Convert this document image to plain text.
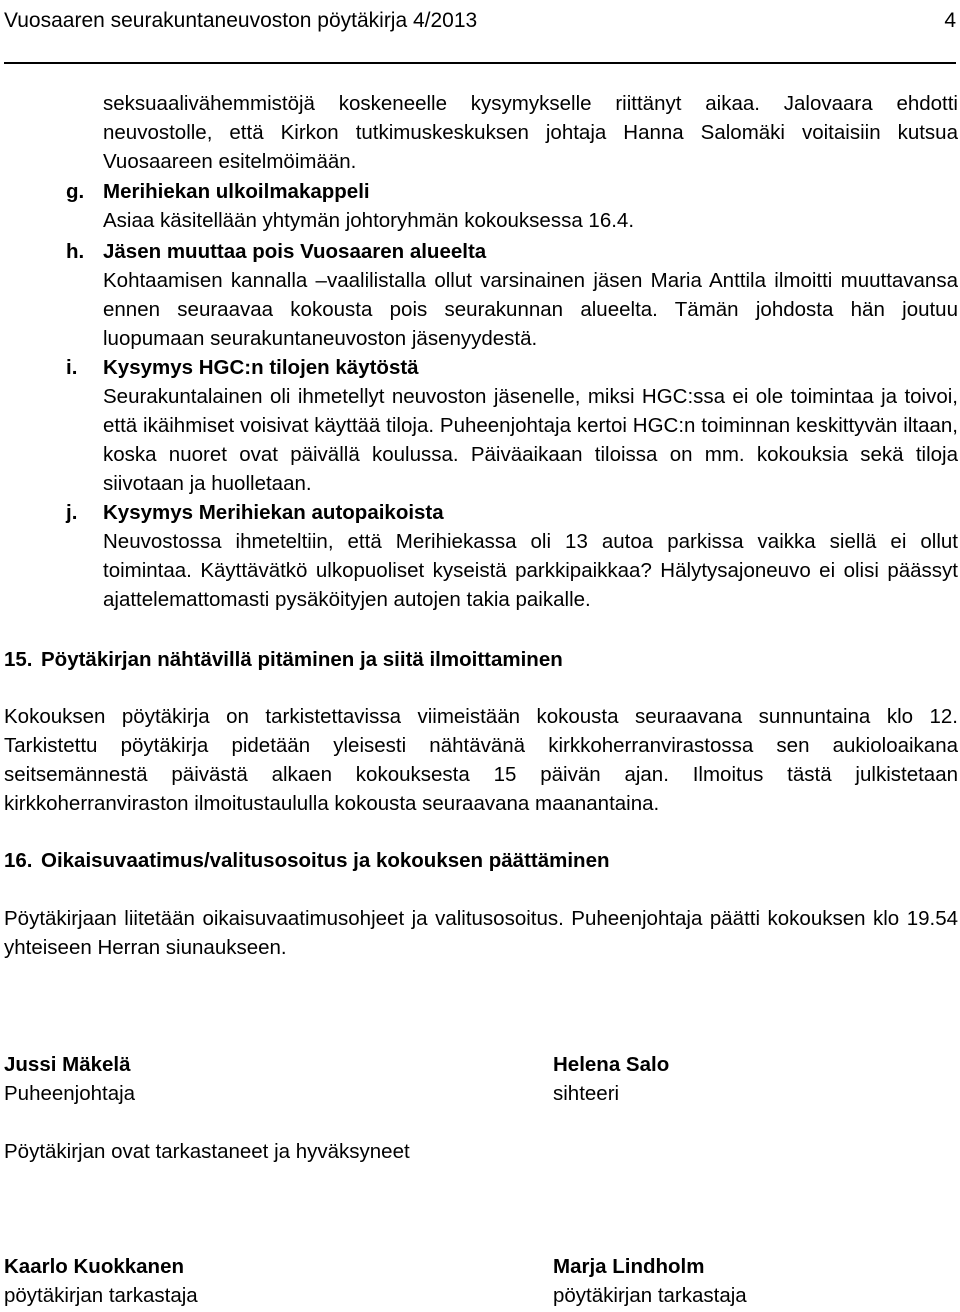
Vuosaaren seurakuntaneuvoston pöytäkirja 4/2013	4
seksuaalivähemmistöjä koskeneelle kysymykselle riittänyt aikaa. Jalovaara ehdotti neuvostolle, että Kirkon tutkimuskeskuksen johtaja Hanna Salomäki voitaisiin kutsua Vuosaareen esitelmöimään.
g. Merihiekan ulkoilmakappeli
Asiaa käsitellään yhtymän johtoryhmän kokouksessa 16.4.
h. Jäsen muuttaa pois Vuosaaren alueelta
Kohtaamisen kannalla –vaalilistalla ollut varsinainen jäsen Maria Anttila ilmoitti muuttavansa ennen seuraavaa kokousta pois seurakunnan alueelta. Tämän johdosta hän joutuu luopumaan seurakuntaneuvoston jäsenyydestä.
i. Kysymys HGC:n tilojen käytöstä
Seurakuntalainen oli ihmetellyt neuvoston jäsenelle, miksi HGC:ssa ei ole toimintaa ja toivoi, että ikäihmiset voisivat käyttää tiloja. Puheenjohtaja kertoi HGC:n toiminnan keskittyvän iltaan, koska nuoret ovat päivällä koulussa. Päiväaikaan tiloissa on mm. kokouksia sekä tiloja siivotaan ja huolletaan.
j. Kysymys Merihiekan autopaikoista
Neuvostossa ihmeteltiin, että Merihiekassa oli 13 autoa parkissa vaikka siellä ei ollut toimintaa. Käyttävätkö ulkopuoliset kyseistä parkkipaikkaa? Hälytysajoneuvo ei olisi päässyt ajattelemattomasti pysäköityjen autojen takia paikalle.
15. Pöytäkirjan nähtävillä pitäminen ja siitä ilmoittaminen
Kokouksen pöytäkirja on tarkistettavissa viimeistään kokousta seuraavana sunnuntaina klo 12. Tarkistettu pöytäkirja pidetään yleisesti nähtävänä kirkkoherranvirastossa sen aukioloaikana seitsemännestä päivästä alkaen kokouksesta 15 päivän ajan. Ilmoitus tästä julkistetaan kirkkoherranviraston ilmoitustaululla kokousta seuraavana maanantaina.
16. Oikaisuvaatimus/valitusosoitus ja kokouksen päättäminen
Pöytäkirjaan liitetään oikaisuvaatimusohjeet ja valitusosoitus. Puheenjohtaja päätti kokouksen klo 19.54 yhteiseen Herran siunaukseen.
Jussi Mäkelä
Puheenjohtaja
Helena Salo
sihteeri
Pöytäkirjan ovat tarkastaneet ja hyväksyneet
Kaarlo Kuokkanen
pöytäkirjan tarkastaja
Marja Lindholm
pöytäkirjan tarkastaja
